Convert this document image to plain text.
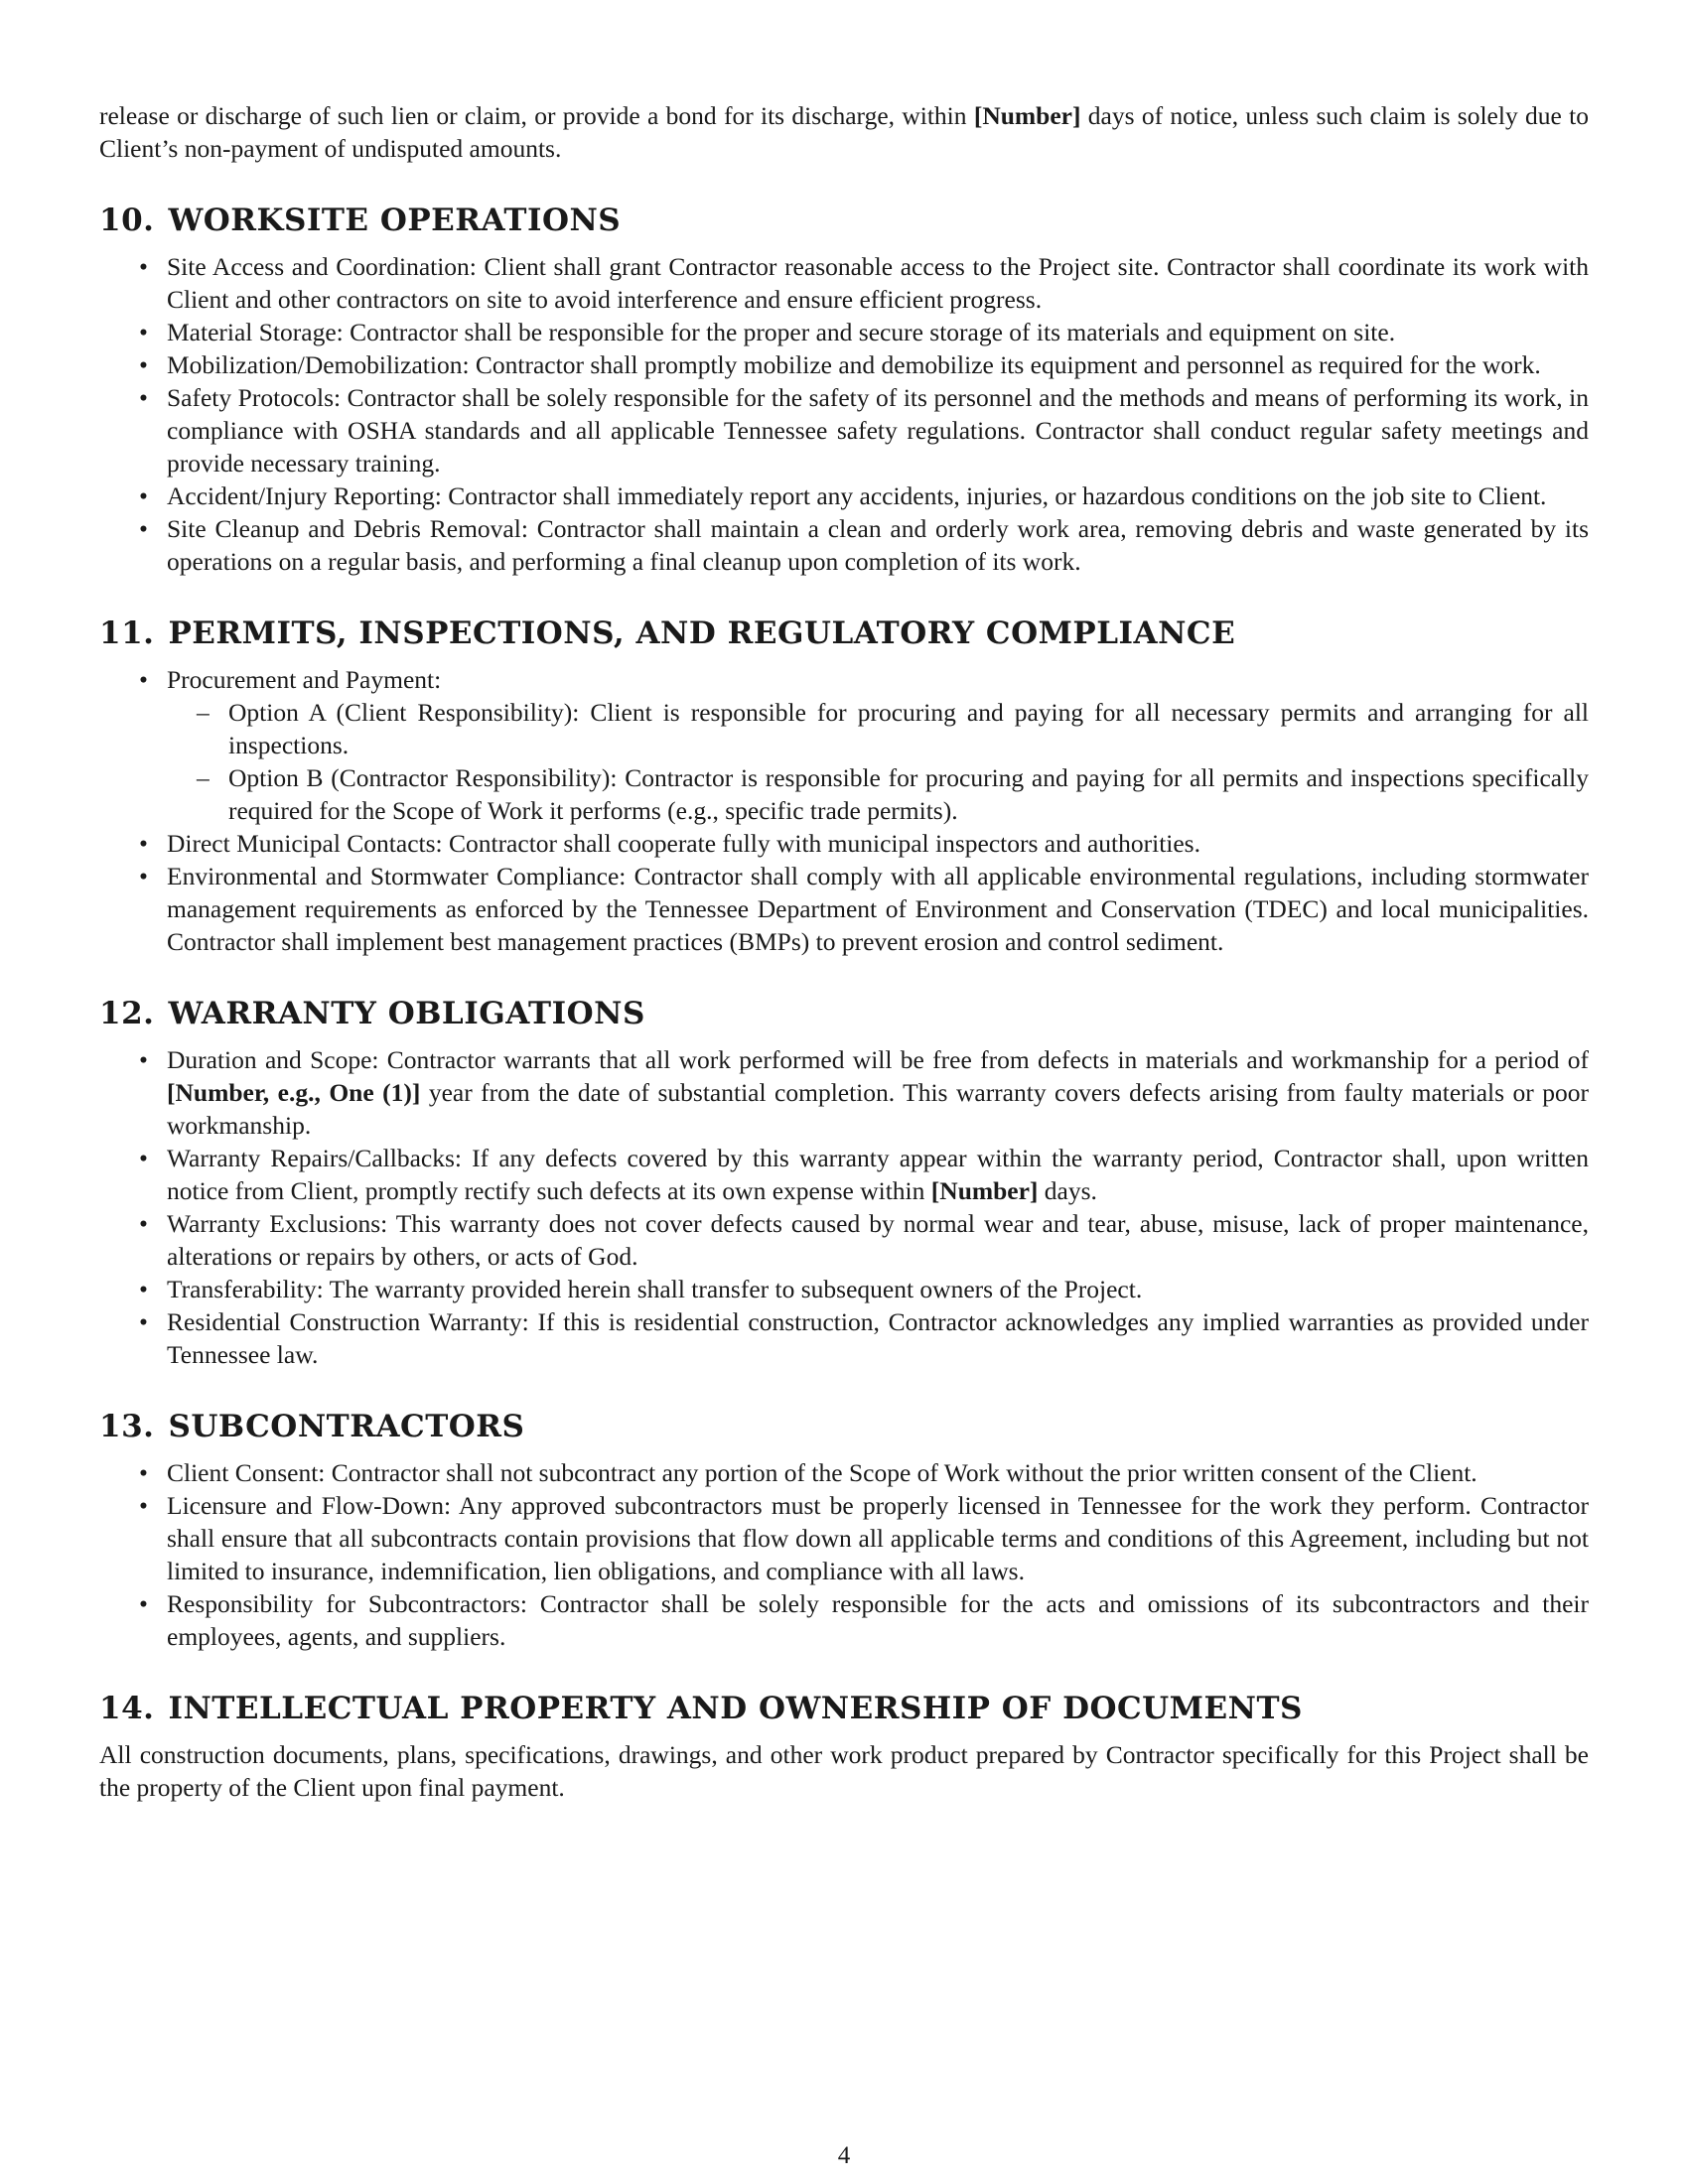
release or discharge of such lien or claim, or provide a bond for its discharge, within [Number] days of notice, unless such claim is solely due to Client’s non-payment of undisputed amounts.

10. WORKSITE OPERATIONS
• Site Access and Coordination: Client shall grant Contractor reasonable access to the Project site. Contractor shall coordinate its work with Client and other contractors on site to avoid interference and ensure efficient progress.
• Material Storage: Contractor shall be responsible for the proper and secure storage of its materials and equipment on site.
• Mobilization/Demobilization: Contractor shall promptly mobilize and demobilize its equipment and personnel as required for the work.
• Safety Protocols: Contractor shall be solely responsible for the safety of its personnel and the methods and means of performing its work, in compliance with OSHA standards and all applicable Tennessee safety regulations. Contractor shall conduct regular safety meetings and provide necessary training.
• Accident/Injury Reporting: Contractor shall immediately report any accidents, injuries, or hazardous conditions on the job site to Client.
• Site Cleanup and Debris Removal: Contractor shall maintain a clean and orderly work area, removing debris and waste generated by its operations on a regular basis, and performing a final cleanup upon completion of its work.
11. PERMITS, INSPECTIONS, AND REGULATORY COMPLIANCE
• Procurement and Payment:
– Option A (Client Responsibility): Client is responsible for procuring and paying for all necessary permits and arranging for all inspections.
– Option B (Contractor Responsibility): Contractor is responsible for procuring and paying for all permits and inspections specifically required for the Scope of Work it performs (e.g., specific trade permits).
• Direct Municipal Contacts: Contractor shall cooperate fully with municipal inspectors and authorities.
• Environmental and Stormwater Compliance: Contractor shall comply with all applicable environmental regulations, including stormwater management requirements as enforced by the Tennessee Department of Environment and Conservation (TDEC) and local municipalities. Contractor shall implement best management practices (BMPs) to prevent erosion and control sediment.
12. WARRANTY OBLIGATIONS
• Duration and Scope: Contractor warrants that all work performed will be free from defects in materials and workmanship for a period of [Number, e.g., One (1)] year from the date of substantial completion. This warranty covers defects arising from faulty materials or poor workmanship.
• Warranty Repairs/Callbacks: If any defects covered by this warranty appear within the warranty period, Contractor shall, upon written notice from Client, promptly rectify such defects at its own expense within [Number] days.
• Warranty Exclusions: This warranty does not cover defects caused by normal wear and tear, abuse, misuse, lack of proper maintenance, alterations or repairs by others, or acts of God.
• Transferability: The warranty provided herein shall transfer to subsequent owners of the Project.
• Residential Construction Warranty: If this is residential construction, Contractor acknowledges any implied warranties as provided under Tennessee law.
13. SUBCONTRACTORS
• Client Consent: Contractor shall not subcontract any portion of the Scope of Work without the prior written consent of the Client.
• Licensure and Flow-Down: Any approved subcontractors must be properly licensed in Tennessee for the work they perform. Contractor shall ensure that all subcontracts contain provisions that flow down all applicable terms and conditions of this Agreement, including but not limited to insurance, indemnification, lien obligations, and compliance with all laws.
• Responsibility for Subcontractors: Contractor shall be solely responsible for the acts and omissions of its subcontractors and their employees, agents, and suppliers.
14. INTELLECTUAL PROPERTY AND OWNERSHIP OF DOCUMENTS

All construction documents, plans, specifications, drawings, and other work product prepared by Contractor specifically for this Project shall be the property of the Client upon final payment.

4
